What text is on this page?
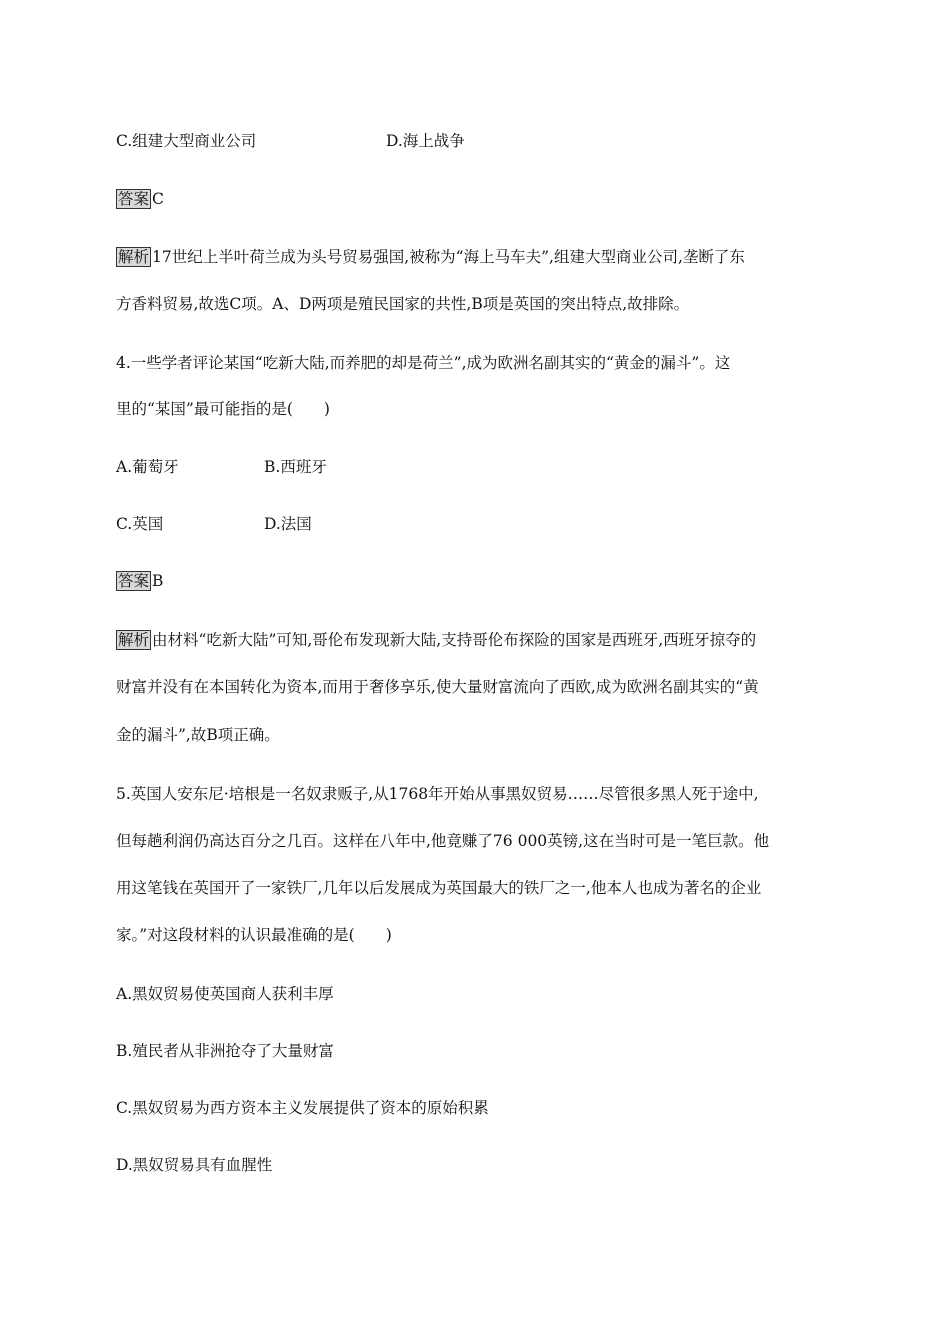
C.组建大型商业公司	D.海上战争
答案 C
解析 17世纪上半叶荷兰成为头号贸易强国,被称为“海上马车夫”,组建大型商业公司,垄断了东
方香料贸易,故选C项。A、D两项是殖民国家的共性,B项是英国的突出特点,故排除。
4.一些学者评论某国“吃新大陆,而养肥的却是荷兰”,成为欧洲名副其实的“黄金的漏斗”。这
里的“某国”最可能指的是(　　)
A.葡萄牙	B.西班牙
C.英国	D.法国
答案 B
解析 由材料“吃新大陆”可知,哥伦布发现新大陆,支持哥伦布探险的国家是西班牙,西班牙掠夺的
财富并没有在本国转化为资本,而用于奢侈享乐,使大量财富流向了西欧,成为欧洲名副其实的“黄
金的漏斗”,故B项正确。
5.英国人安东尼·培根是一名奴隶贩子,从1768年开始从事黑奴贸易……尽管很多黑人死于途中,
但每趟利润仍高达百分之几百。这样在八年中,他竟赚了76 000英镑,这在当时可是一笔巨款。他
用这笔钱在英国开了一家铁厂,几年以后发展成为英国最大的铁厂之一,他本人也成为著名的企业
家。”对这段材料的认识最准确的是(　　)
A.黑奴贸易使英国商人获利丰厚
B.殖民者从非洲抢夺了大量财富
C.黑奴贸易为西方资本主义发展提供了资本的原始积累
D.黑奴贸易具有血腥性
